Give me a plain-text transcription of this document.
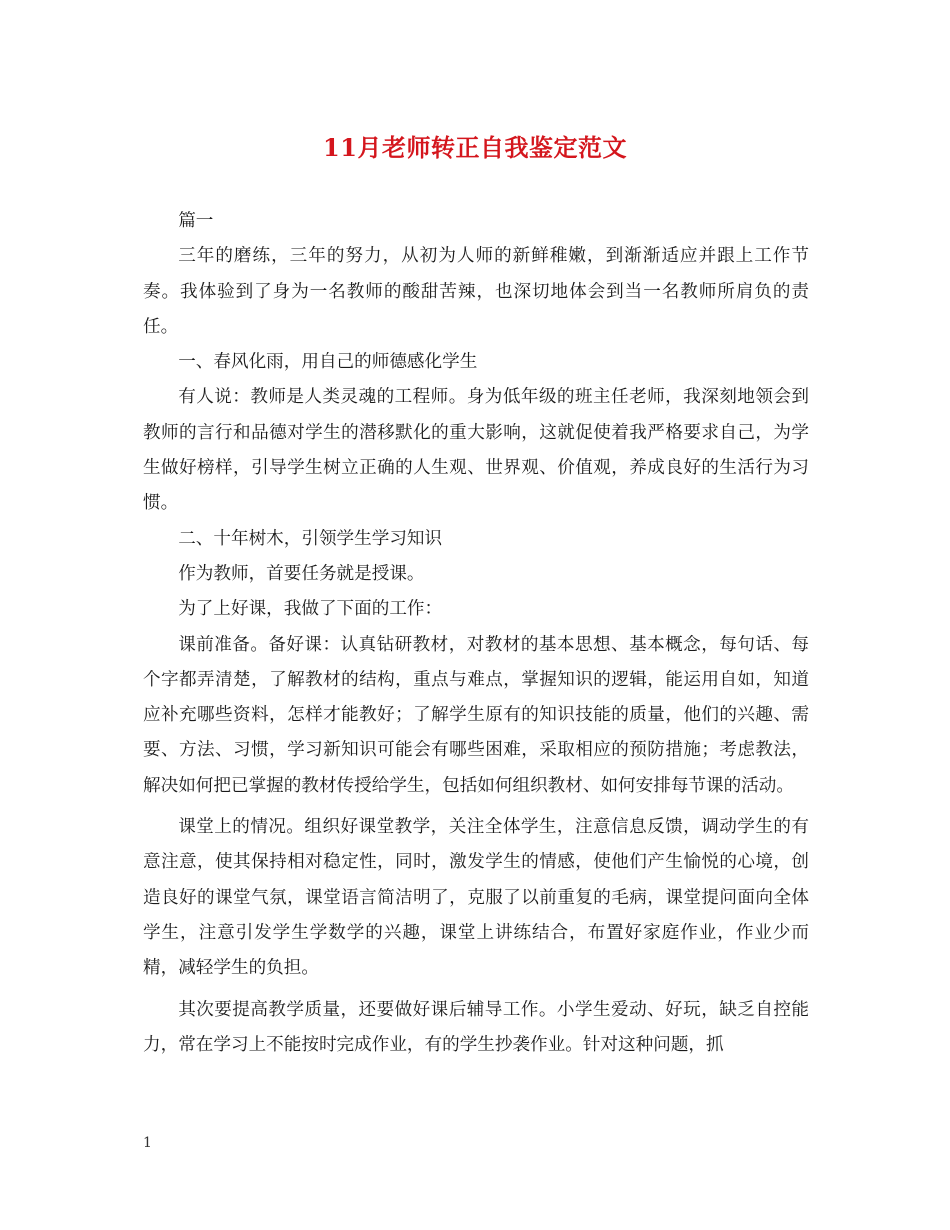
11月老师转正自我鉴定范文

篇一

三年的磨练，三年的努力，从初为人师的新鲜稚嫩，到渐渐适应并跟上工作节奏。我体验到了身为一名教师的酸甜苦辣，也深切地体会到当一名教师所肩负的责任。

一、春风化雨，用自己的师德感化学生

有人说：教师是人类灵魂的工程师。身为低年级的班主任老师，我深刻地领会到教师的言行和品德对学生的潜移默化的重大影响，这就促使着我严格要求自己，为学生做好榜样，引导学生树立正确的人生观、世界观、价值观，养成良好的生活行为习惯。

二、十年树木，引领学生学习知识

作为教师，首要任务就是授课。

为了上好课，我做了下面的工作：

课前准备。备好课：认真钻研教材，对教材的基本思想、基本概念，每句话、每个字都弄清楚，了解教材的结构，重点与难点，掌握知识的逻辑，能运用自如，知道应补充哪些资料，怎样才能教好；了解学生原有的知识技能的质量，他们的兴趣、需要、方法、习惯，学习新知识可能会有哪些困难，采取相应的预防措施；考虑教法，解决如何把已掌握的教材传授给学生，包括如何组织教材、如何安排每节课的活动。

课堂上的情况。组织好课堂教学，关注全体学生，注意信息反馈，调动学生的有意注意，使其保持相对稳定性，同时，激发学生的情感，使他们产生愉悦的心境，创造良好的课堂气氛，课堂语言简洁明了，克服了以前重复的毛病，课堂提问面向全体学生，注意引发学生学数学的兴趣，课堂上讲练结合，布置好家庭作业，作业少而精，减轻学生的负担。

其次要提高教学质量，还要做好课后辅导工作。小学生爱动、好玩，缺乏自控能力，常在学习上不能按时完成作业，有的学生抄袭作业。针对这种问题，抓

1
